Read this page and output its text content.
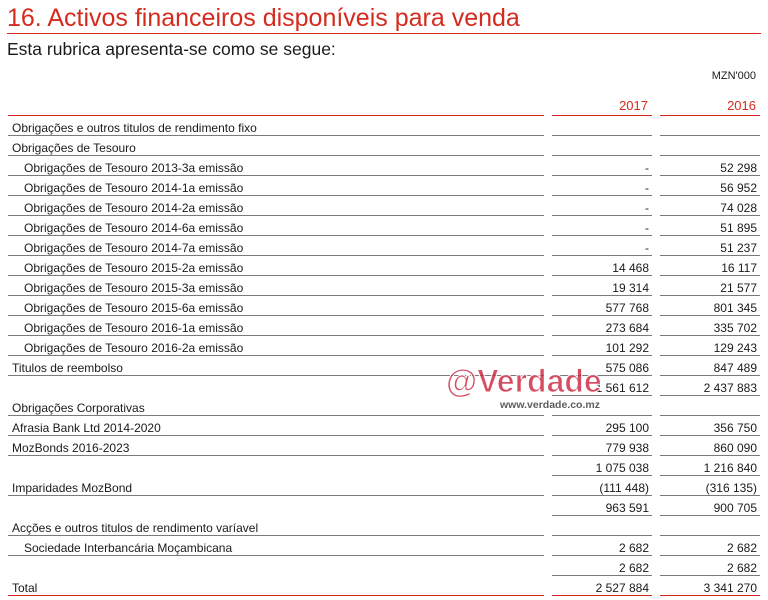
16. Activos financeiros disponíveis para venda
Esta rubrica apresenta-se como se segue:
MZN'000
		2017		2016
Obrigações e outros titulos de rendimento fixo				
Obrigações de Tesouro				
Obrigações de Tesouro 2013-3a emissão		-		52 298
Obrigações de Tesouro 2014-1a emissão		-		56 952
Obrigações de Tesouro 2014-2a emissão		-		74 028
Obrigações de Tesouro 2014-6a emissão		-		51 895
Obrigações de Tesouro 2014-7a emissão		-		51 237
Obrigações de Tesouro 2015-2a emissão		14 468		16 117
Obrigações de Tesouro 2015-3a emissão		19 314		21 577
Obrigações de Tesouro 2015-6a emissão		577 768		801 345
Obrigações de Tesouro 2016-1a emissão		273 684		335 702
Obrigações de Tesouro 2016-2a emissão		101 292		129 243
Titulos de reembolso		575 086		847 489
		1 561 612		2 437 883
Obrigações Corporativas				
Afrasia Bank Ltd 2014-2020		295 100		356 750
MozBonds 2016-2023		779 938		860 090
		1 075 038		1 216 840
Imparidades MozBond		(111 448)		(316 135)
		963 591		900 705
Acções e outros titulos de rendimento varíavel				
Sociedade Interbancária Moçambicana		2 682		2 682
		2 682		2 682
Total		2 527 884		3 341 270
@Verdade
www.verdade.co.mz
